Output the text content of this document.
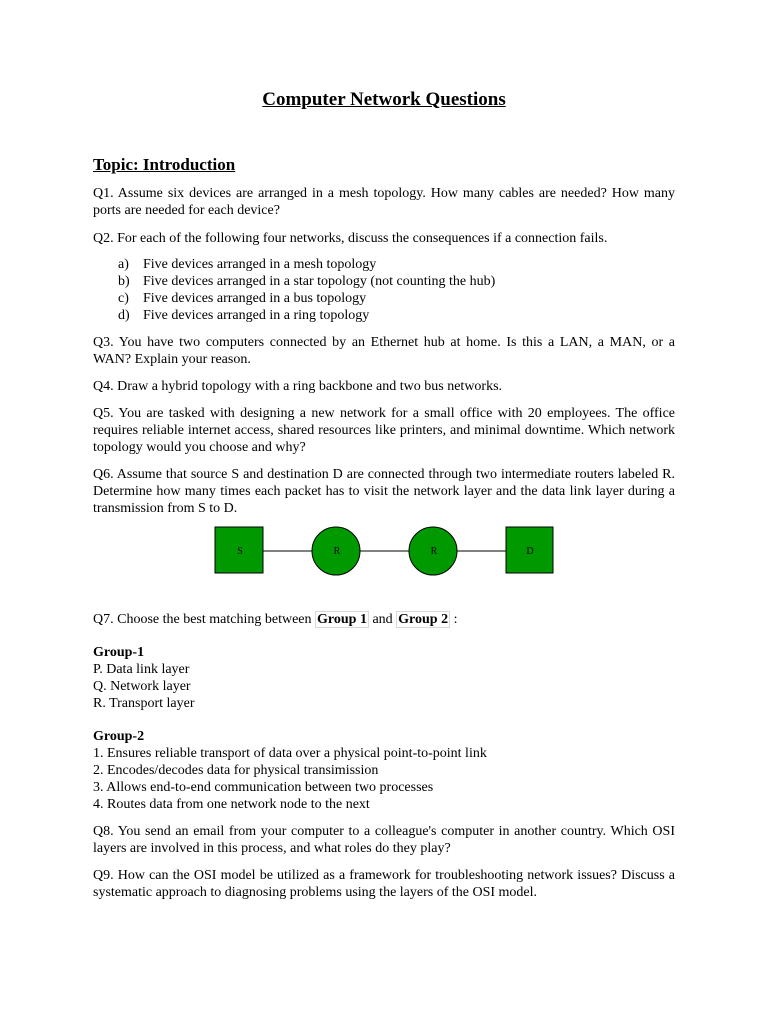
Computer Network Questions
Topic: Introduction

Q1. Assume six devices are arranged in a mesh topology. How many cables are needed? How many ports are needed for each device?

Q2. For each of the following four networks, discuss the consequences if a connection fails.

a)	Five devices arranged in a mesh topology
b) Five devices arranged in a star topology (not counting the hub)
c)	Five devices arranged in a bus topology
d) Five devices arranged in a ring topology

Q3. You have two computers connected by an Ethernet hub at home. Is this a LAN, a MAN, or a WAN? Explain your reason.

Q4. Draw a hybrid topology with a ring backbone and two bus networks.

Q5. You are tasked with designing a new network for a small office with 20 employees. The office requires reliable internet access, shared resources like printers, and minimal downtime. Which network topology would you choose and why?

Q6. Assume that source S and destination D are connected through two intermediate routers labeled R. Determine how many times each packet has to visit the network layer and the data link layer during a transmission from S to D.

S	R	R	D

Q7. Choose the best matching between Group 1 and Group 2 :

Group-1
P. Data link layer
Q. Network layer
R. Transport layer
Group-2
1. Ensures reliable transport of data over a physical point-to-point link
2. Encodes/decodes data for physical transimission
3. Allows end-to-end communication between two processes
4. Routes data from one network node to the next

Q8. You send an email from your computer to a colleague's computer in another country. Which OSI layers are involved in this process, and what roles do they play?

Q9. How can the OSI model be utilized as a framework for troubleshooting network issues? Discuss a systematic approach to diagnosing problems using the layers of the OSI model.
